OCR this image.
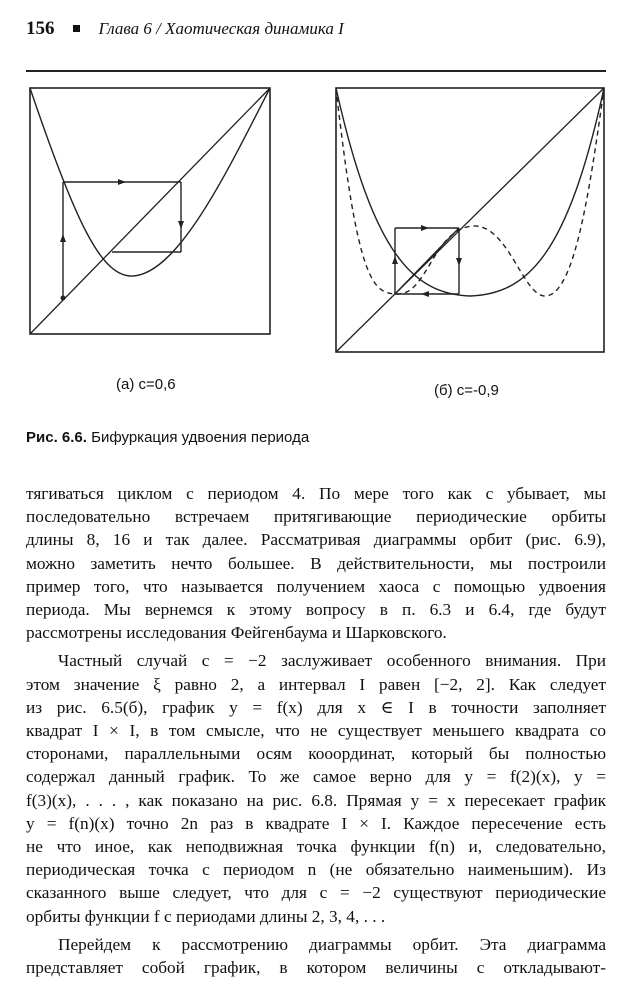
156	Глава 6 / Хаотическая динамика I
(а) с=0,6	(б) с=-0,9
Рис. 6.6. Бифуркация удвоения периода

тягиваться циклом с периодом 4. По мере того как c убывает, мы
последовательно встречаем притягивающие периодические орбиты
длины 8, 16 и так далее. Рассматривая диаграммы орбит (рис. 6.9),
можно заметить нечто большее. В действительности, мы построили
пример того, что называется получением хаоса с помощью удвоения
периода. Мы вернемся к этому вопросу в п. 6.3 и 6.4, где будут
рассмотрены исследования Фейгенбаума и Шарковского.

Частный случай c = −2 заслуживает особенного внимания. При
этом значение ξ равно 2, а интервал I равен [−2, 2]. Как следует
из рис. 6.5(б), график y = f(x) для x ∈ I в точности заполняет
квадрат I × I, в том смысле, что не существует меньшего квадрата со
сторонами, параллельными осям кооординат, который бы полностью
содержал данный график. То же самое верно для y = f(2)(x), y =
f(3)(x), . . . , как показано на рис. 6.8. Прямая y = x пересекает график
y = f(n)(x) точно 2n раз в квадрате I × I. Каждое пересечение есть
не что иное, как неподвижная точка функции f(n) и, следовательно,
периодическая точка с периодом n (не обязательно наименьшим). Из
сказанного выше следует, что для c = −2 существуют периодические
орбиты функции f с периодами длины 2, 3, 4, . . .

Перейдем к рассмотрению диаграммы орбит. Эта диаграмма
представляет собой график, в котором величины c откладывают-
